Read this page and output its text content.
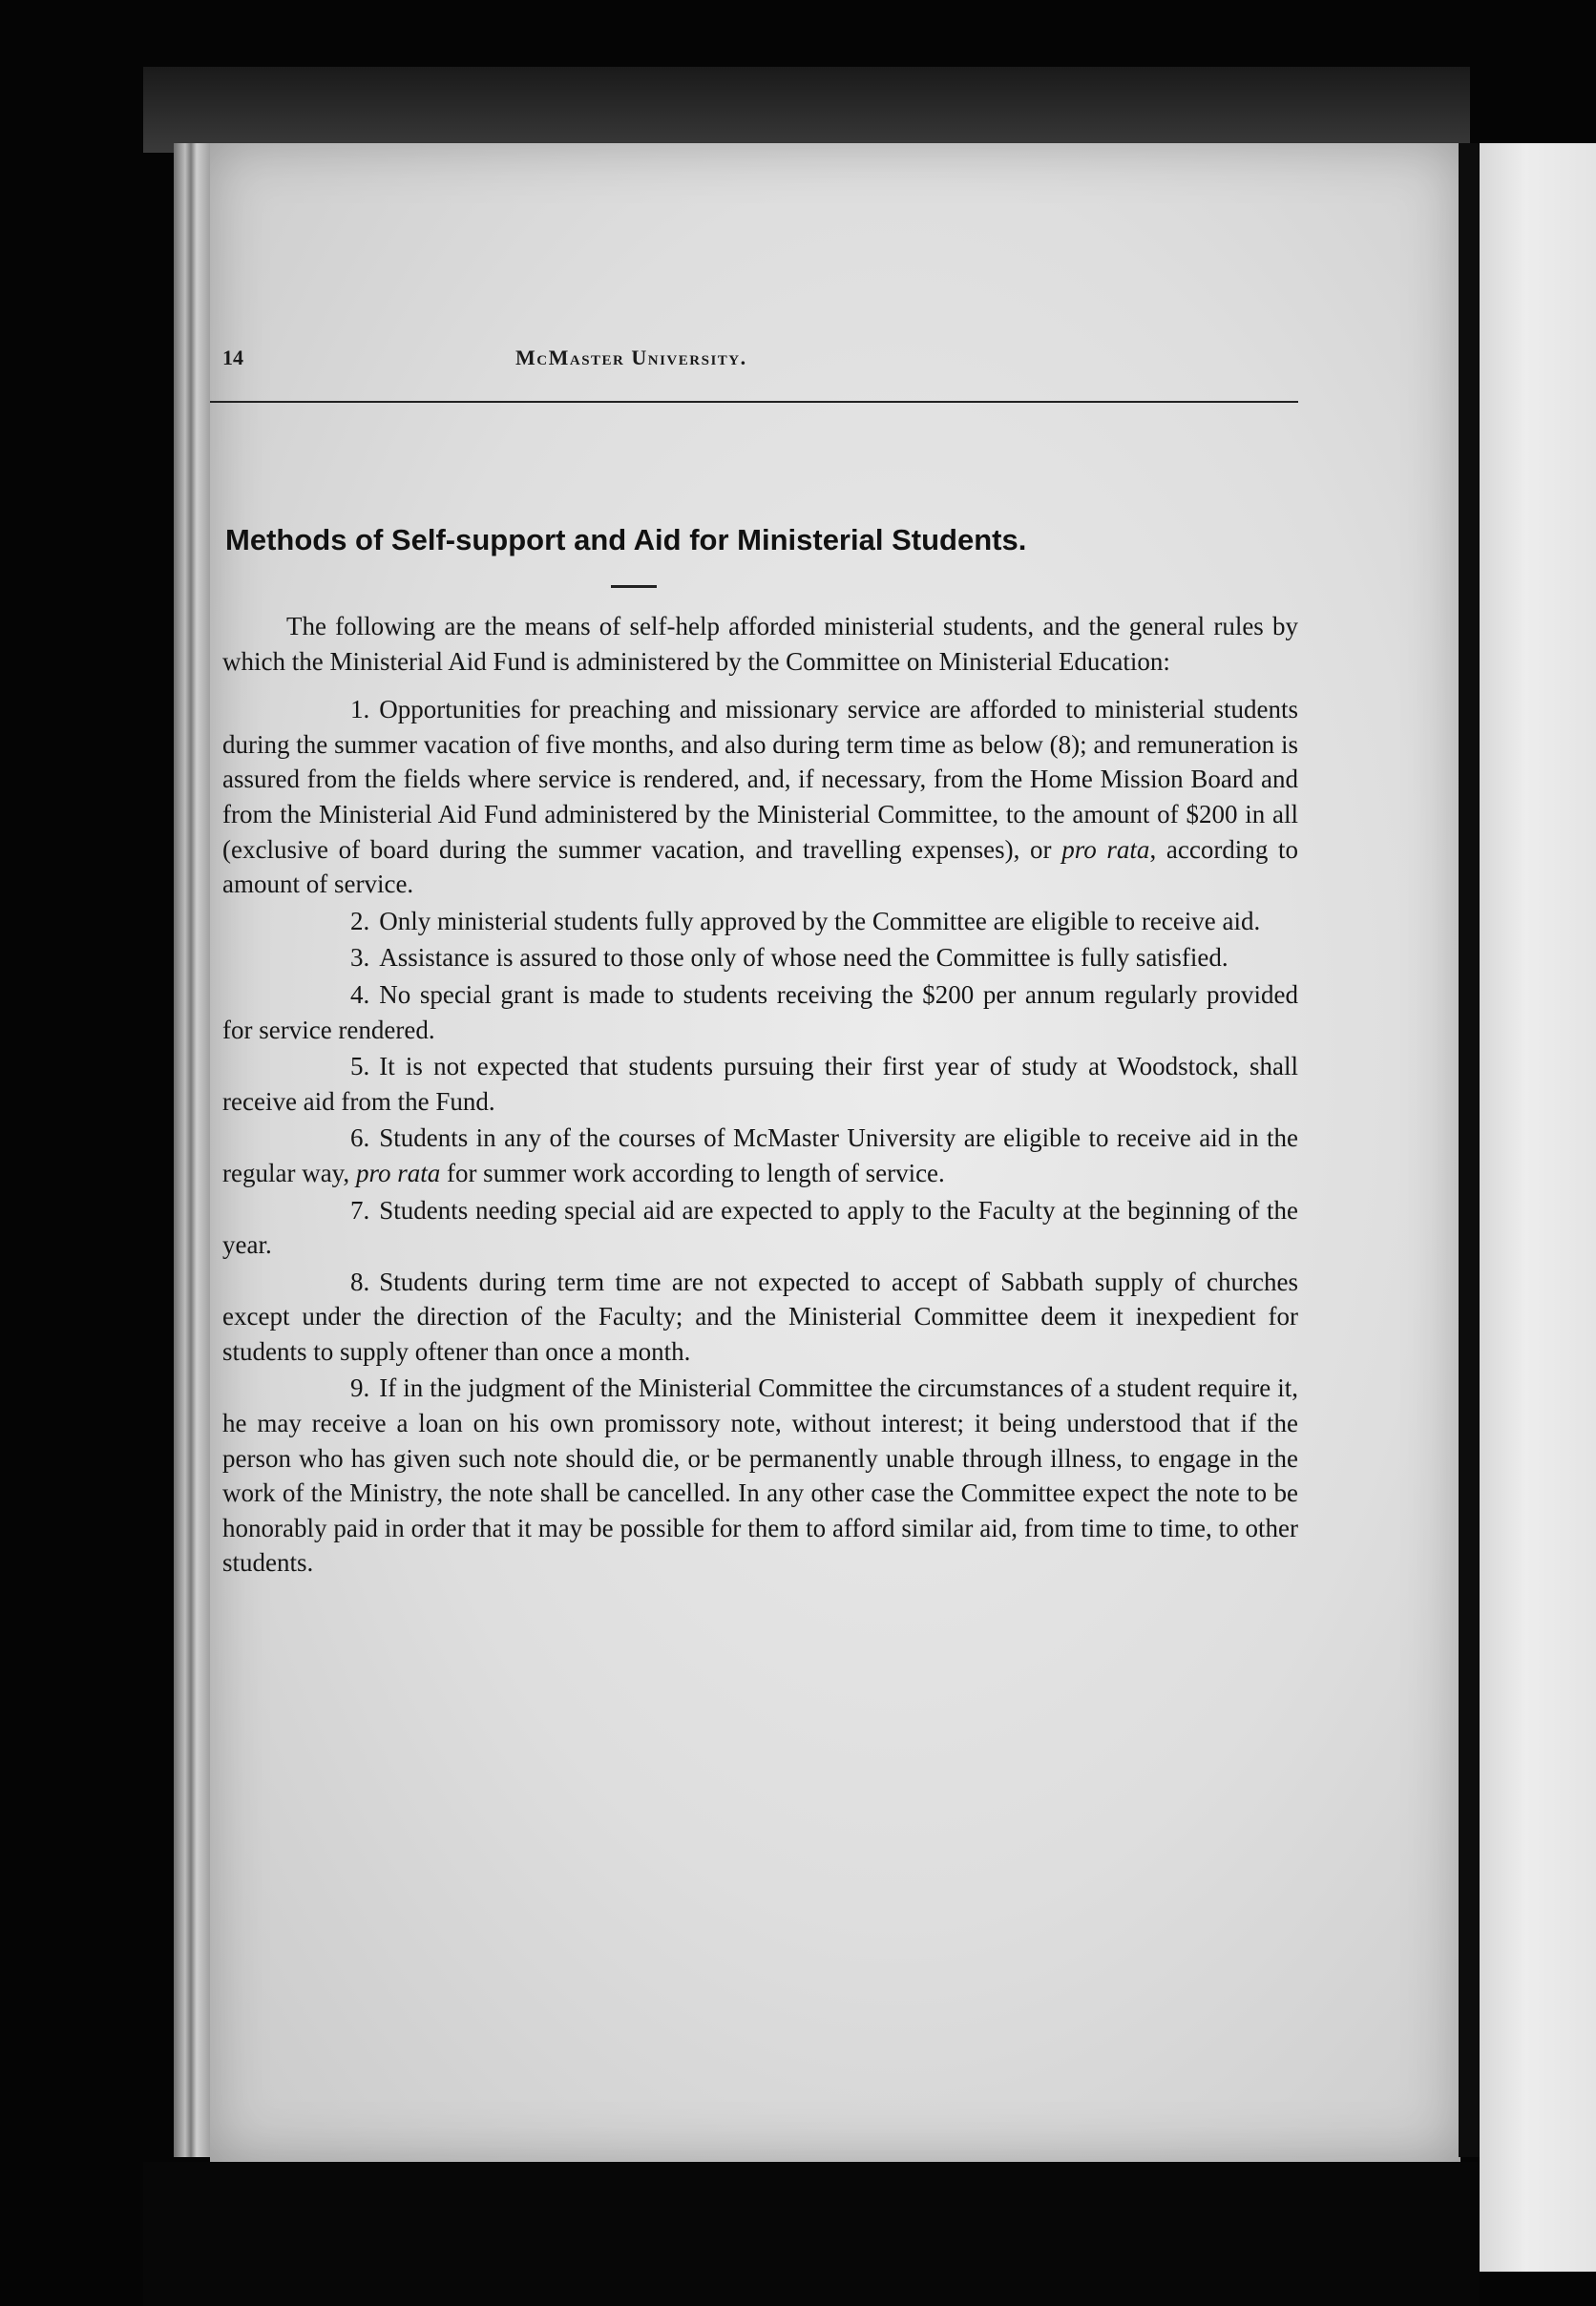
14	McMaster University.
Methods of Self-support and Aid for Ministerial Students.

The following are the means of self-help afforded ministerial students, and the general rules by which the Ministerial Aid Fund is administered by the Committee on Ministerial Education:

1. Opportunities for preaching and missionary service are afforded to ministerial students during the summer vacation of five months, and also during term time as below (8); and remuneration is assured from the fields where service is rendered, and, if necessary, from the Home Mission Board and from the Ministerial Aid Fund administered by the Ministerial Committee, to the amount of $200 in all (exclusive of board during the summer vacation, and travelling expenses), or pro rata, according to amount of service.

2. Only ministerial students fully approved by the Committee are eligible to receive aid.

3. Assistance is assured to those only of whose need the Committee is fully satisfied.

4. No special grant is made to students receiving the $200 per annum regularly provided for service rendered.

5. It is not expected that students pursuing their first year of study at Woodstock, shall receive aid from the Fund.

6. Students in any of the courses of McMaster University are eligible to receive aid in the regular way, pro rata for summer work according to length of service.

7. Students needing special aid are expected to apply to the Faculty at the beginning of the year.

8. Students during term time are not expected to accept of Sabbath supply of churches except under the direction of the Faculty; and the Ministerial Committee deem it inexpedient for students to supply oftener than once a month.

9. If in the judgment of the Ministerial Committee the circumstances of a student require it, he may receive a loan on his own promissory note, without interest; it being understood that if the person who has given such note should die, or be permanently unable through illness, to engage in the work of the Ministry, the note shall be cancelled. In any other case the Committee expect the note to be honorably paid in order that it may be possible for them to afford similar aid, from time to time, to other students.
